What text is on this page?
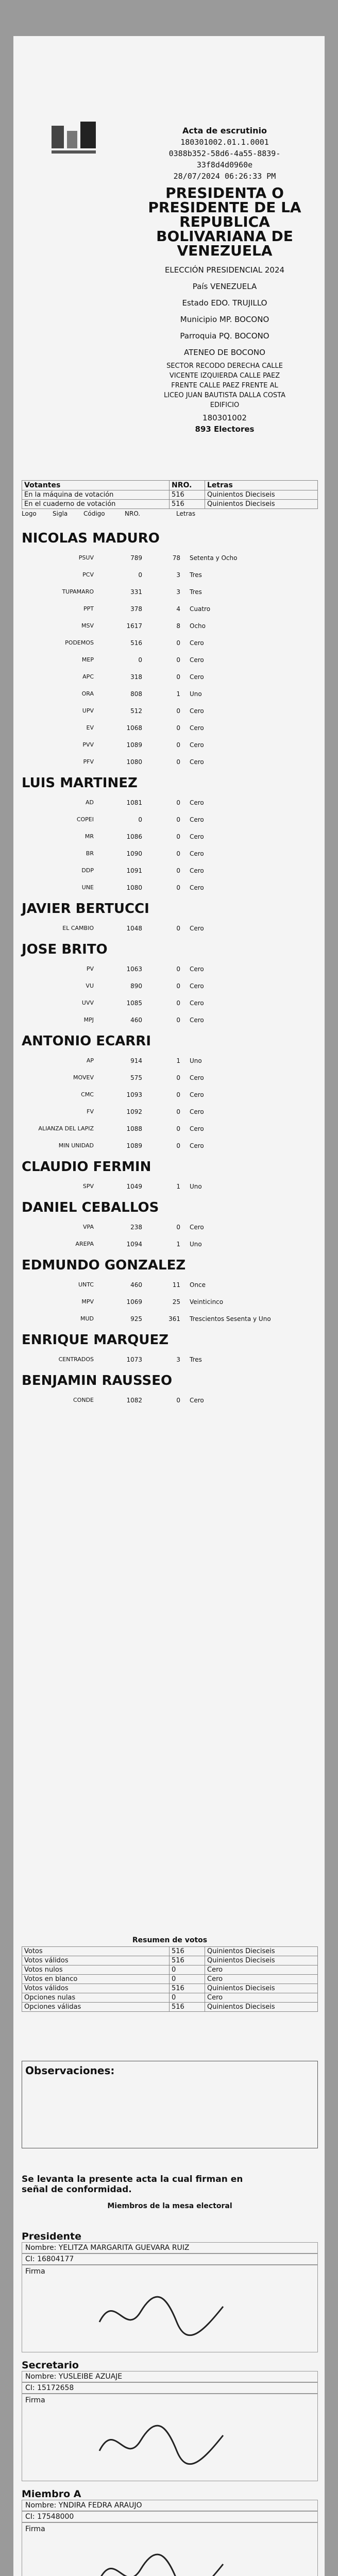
Acta de escrutinio
180301002.01.1.0001
0388b352-58d6-4a55-8839-
33f8d4d0960e
28/07/2024 06:26:33 PM
PRESIDENTA O
PRESIDENTE DE LA
REPUBLICA
BOLIVARIANA DE
VENEZUELA
ELECCIÓN PRESIDENCIAL 2024
País VENEZUELA
Estado EDO. TRUJILLO
Municipio MP. BOCONO
Parroquia PQ. BOCONO
ATENEO DE BOCONO
SECTOR RECODO DERECHA CALLE
VICENTE IZQUIERDA CALLE PAEZ
FRENTE CALLE PAEZ FRENTE AL
LICEO JUAN BAUTISTA DALLA COSTA
EDIFICIO
180301002
893 Electores
Votantes	NRO.	Letras
En la máquina de votación	516	Quinientos Dieciseis
En el cuaderno de votación	516	Quinientos Dieciseis
Logo	Sigla	Código	NRO.	Letras
NICOLAS MADURO
PSUV	789	78	Setenta y Ocho
PCV	0	3	Tres
TUPAMARO	331	3	Tres
PPT	378	4	Cuatro
MSV	1617	8	Ocho
PODEMOS	516	0	Cero
MEP	0	0	Cero
APC	318	0	Cero
ORA	808	1	Uno
UPV	512	0	Cero
EV	1068	0	Cero
PVV	1089	0	Cero
PFV	1080	0	Cero
LUIS MARTINEZ
AD	1081	0	Cero
COPEI	0	0	Cero
MR	1086	0	Cero
BR	1090	0	Cero
DDP	1091	0	Cero
UNE	1080	0	Cero
JAVIER BERTUCCI
EL CAMBIO	1048	0	Cero
JOSE BRITO
PV	1063	0	Cero
VU	890	0	Cero
UVV	1085	0	Cero
MPJ	460	0	Cero
ANTONIO ECARRI
AP	914	1	Uno
MOVEV	575	0	Cero
CMC	1093	0	Cero
FV	1092	0	Cero
ALIANZA DEL LAPIZ	1088	0	Cero
MIN UNIDAD	1089	0	Cero
CLAUDIO FERMIN
SPV	1049	1	Uno
DANIEL CEBALLOS
VPA	238	0	Cero
AREPA	1094	1	Uno
EDMUNDO GONZALEZ
UNTC	460	11	Once
MPV	1069	25	Veinticinco
MUD	925	361	Trescientos Sesenta y Uno
ENRIQUE MARQUEZ
CENTRADOS	1073	3	Tres
BENJAMIN RAUSSEO
CONDE	1082	0	Cero
Resumen de votos
Votos	516	Quinientos Dieciseis
Votos válidos	516	Quinientos Dieciseis
Votos nulos	0	Cero
Votos en blanco	0	Cero
Votos válidos	516	Quinientos Dieciseis
Opciones nulas	0	Cero
Opciones válidas	516	Quinientos Dieciseis
Observaciones:
Se levanta la presente acta la cual firman en
señal de conformidad.
Miembros de la mesa electoral
Presidente
Nombre: YELITZA MARGARITA GUEVARA RUIZ
CI: 16804177
Firma
Secretario
Nombre: YUSLEIBE AZUAJE
CI: 15172658
Firma
Miembro A
Nombre: YNDIRA FEDRA ARAUJO
CI: 17548000
Firma
